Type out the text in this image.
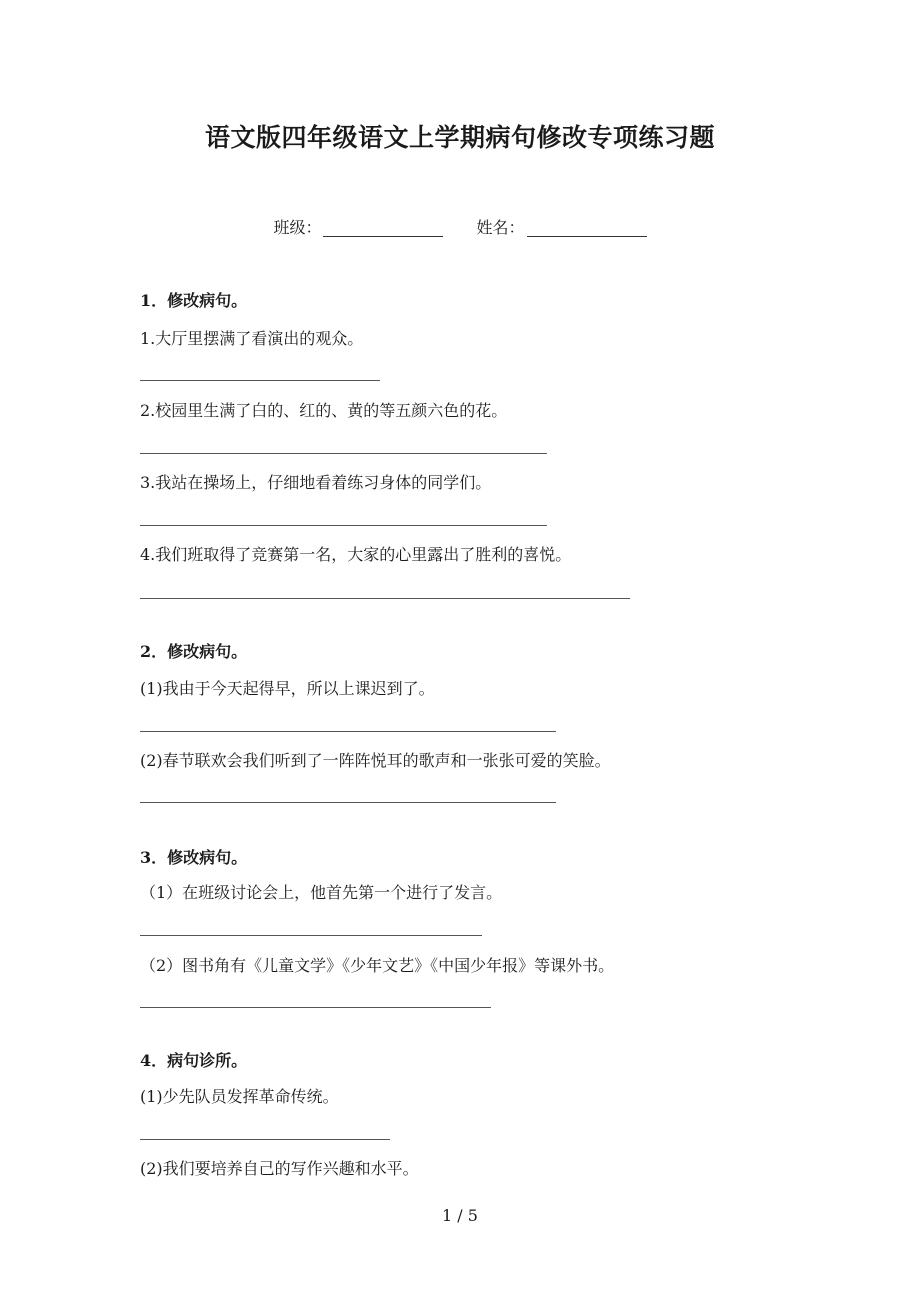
语文版四年级语文上学期病句修改专项练习题
班级：	姓名：
1．修改病句。
1.大厅里摆满了看演出的观众。
2.校园里生满了白的、红的、黄的等五颜六色的花。
3.我站在操场上，仔细地看着练习身体的同学们。
4.我们班取得了竞赛第一名，大家的心里露出了胜利的喜悦。
2．修改病句。
(1)我由于今天起得早，所以上课迟到了。
(2)春节联欢会我们听到了一阵阵悦耳的歌声和一张张可爱的笑脸。
3．修改病句。
（1）在班级讨论会上，他首先第一个进行了发言。
（2）图书角有《儿童文学》《少年文艺》《中国少年报》等课外书。
4．病句诊所。
(1)少先队员发挥革命传统。
(2)我们要培养自己的写作兴趣和水平。
1 / 5
